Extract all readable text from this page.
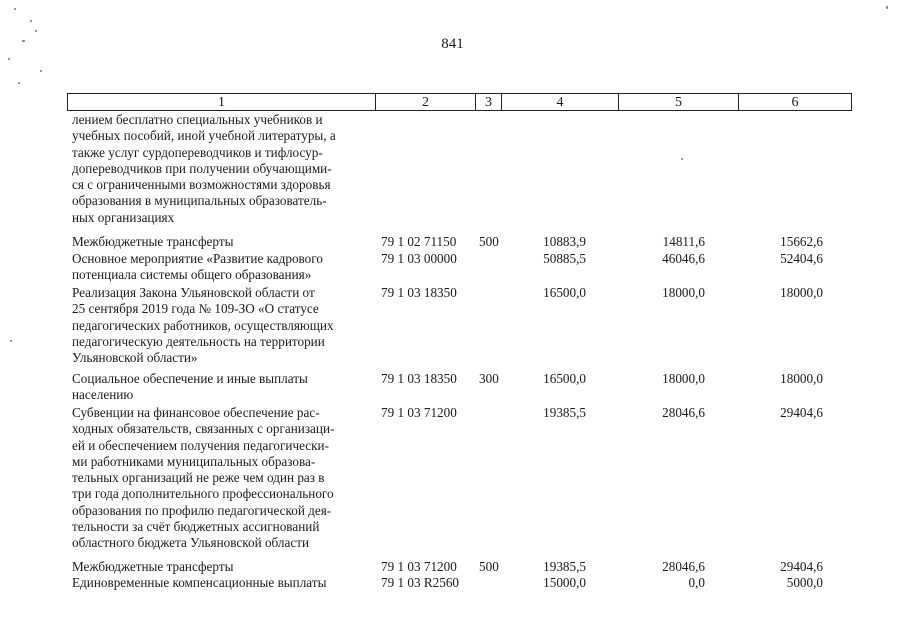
841
1	2	3	4	5	6
лением бесплатно специальных учебников и
учебных пособий, иной учебной литературы, а
также услуг сурдопереводчиков и тифлосур-
допереводчиков при получении обучающими-
ся с ограниченными возможностями здоровья
образования в муниципальных образователь-
ных организациях
Межбюджетные трансферты	79 1 02 71150 500	10883,9	14811,6	15662,6
Основное мероприятие «Развитие кадрового
потенциала системы общего образования»
79 1 03 00000	50885,5	46046,6	52404,6
Реализация Закона Ульяновской области от
25 сентября 2019 года № 109-ЗО «О статусе
педагогических работников, осуществляющих
педагогическую деятельность на территории
Ульяновской области»
79 1 03 18350	16500,0	18000,0	18000,0
Социальное обеспечение и иные выплаты
населению
79 1 03 18350 300	16500,0	18000,0	18000,0
Субвенции на финансовое обеспечение рас-
ходных обязательств, связанных с организаци-
ей и обеспечением получения педагогически-
ми работниками муниципальных образова-
тельных организаций не реже чем один раз в
три года дополнительного профессионального
образования по профилю педагогической дея-
тельности за счёт бюджетных ассигнований
областного бюджета Ульяновской области
79 1 03 71200	19385,5	28046,6	29404,6
Межбюджетные трансферты	79 1 03 71200 500	19385,5	28046,6	29404,6
Единовременные компенсационные выплаты	79 1 03 R2560	15000,0	0,0	5000,0
